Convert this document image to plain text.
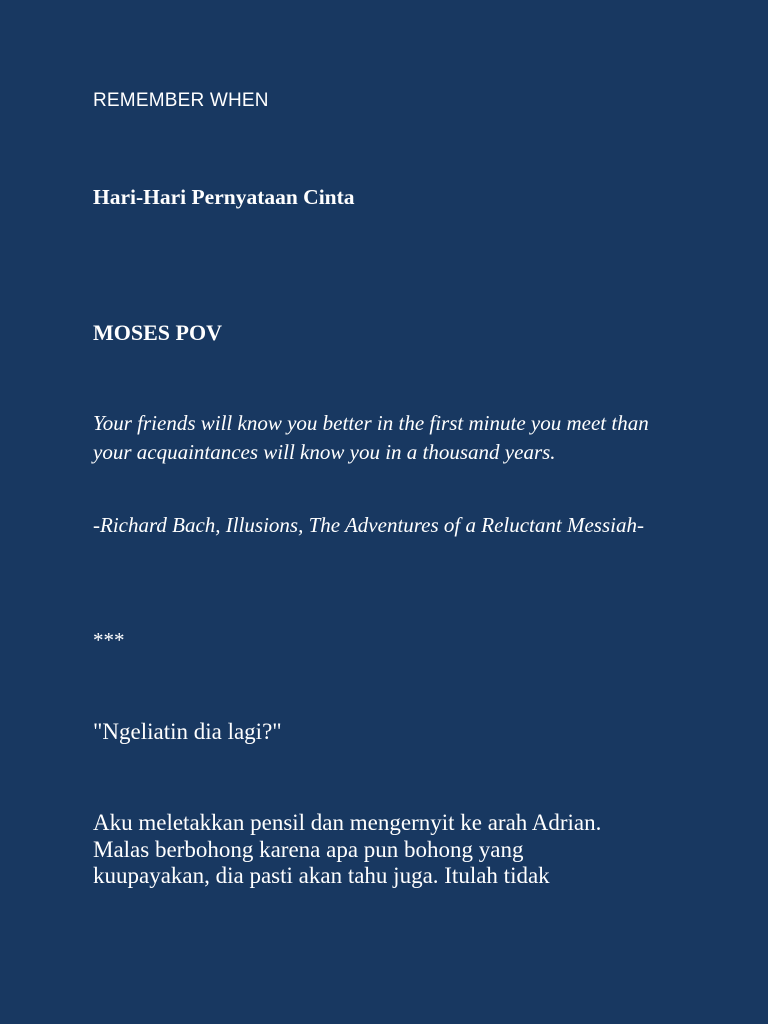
REMEMBER WHEN

Hari-Hari Pernyataan Cinta

MOSES POV

Your friends will know you better in the first minute you meet than your acquaintances will know you in a thousand years.

-Richard Bach, Illusions, The Adventures of a Reluctant Messiah-

***

"Ngeliatin dia lagi?"

Aku meletakkan pensil dan mengernyit ke arah Adrian.
Malas berbohong karena apa pun bohong yang
kuupayakan, dia pasti akan tahu juga. Itulah tidak
